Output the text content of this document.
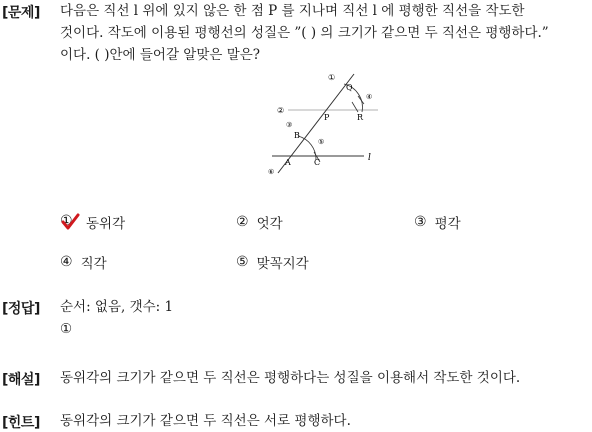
[문제] 다음은 직선 l 위에 있지 않은 한 점 P 를 지나며 직선 l 에 평행한 직선을 작도한
것이다. 작도에 이용된 평행선의 성질은 ”( ) 의 크기가 같으면 두 직선은 평행하다.”
이다. ( )안에 들어갈 알맞은 말은?
①
②
③
④
⑤
⑥
P
Q
R
B
A	C	l
① 동위각	② 엇각	③ 평각
④ 직각	⑤ 맞꼭지각
[정답] 순서: 없음, 갯수: 1
①
[해설] 동위각의 크기가 같으면 두 직선은 평행하다는 성질을 이용해서 작도한 것이다.
[힌트] 동위각의 크기가 같으면 두 직선은 서로 평행하다.
